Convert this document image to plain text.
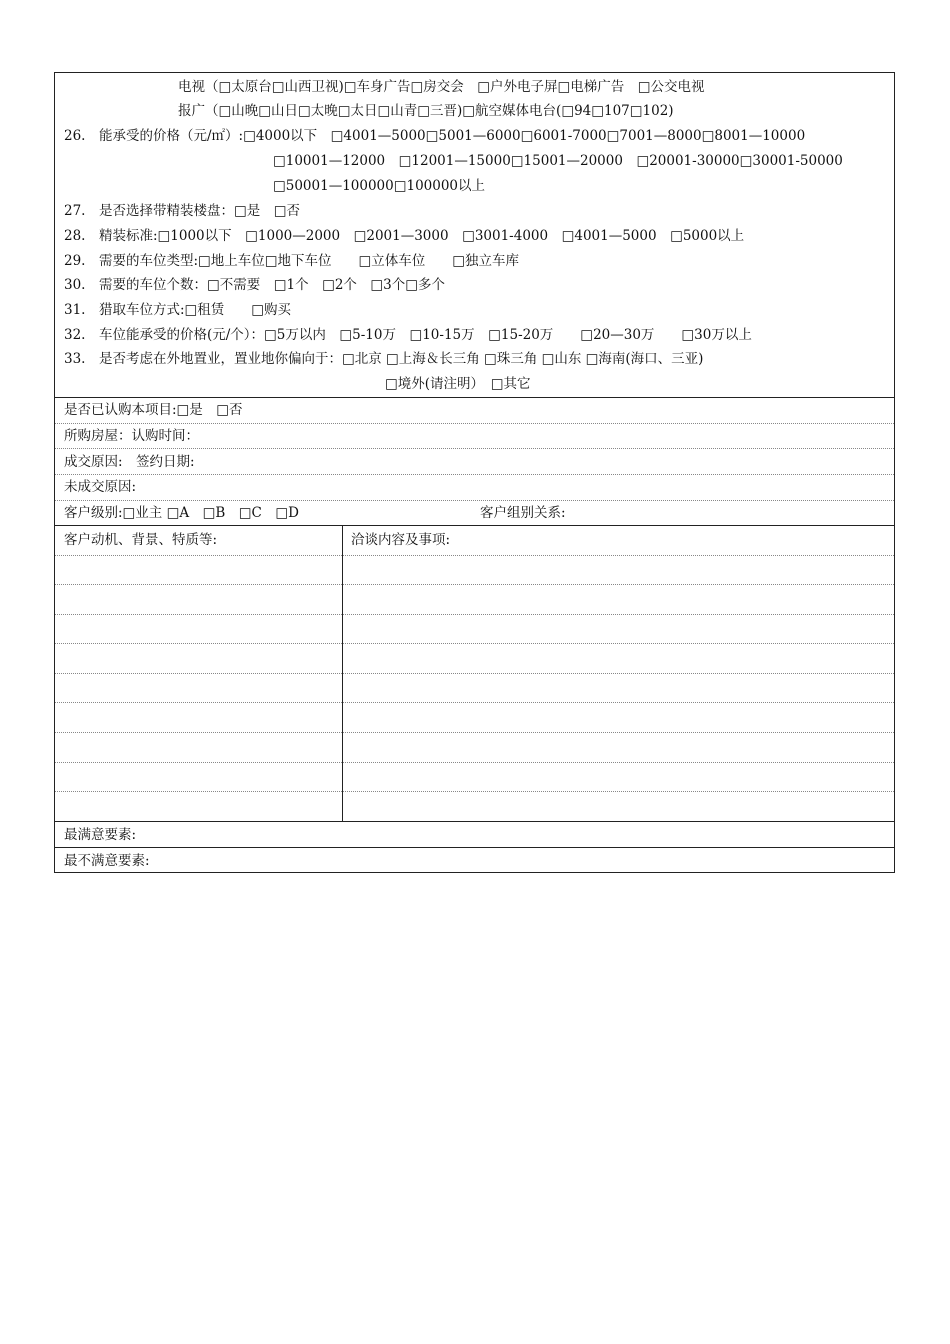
电视（□太原台□山西卫视)□车身广告□房交会　□户外电子屏□电梯广告　□公交电视
报广（□山晚□山日□太晚□太日□山青□三晋)□航空媒体电台(□94□107□102)
26.　能承受的价格（元/㎡）:□4000以下　□4001—5000□5001—6000□6001-7000□7001—8000□8001—10000
□10001—12000　□12001—15000□15001—20000　□20001-30000□30001-50000
□50001—100000□100000以上
27.　是否选择带精装楼盘：□是　□否
28.　精装标准:□1000以下　□1000—2000　□2001—3000　□3001-4000　□4001—5000　□5000以上
29.　需要的车位类型:□地上车位□地下车位　　□立体车位　　□独立车库
30.　需要的车位个数：□不需要　□1个　□2个　□3个□多个
31.　猎取车位方式:□租赁　　□购买
32.　车位能承受的价格(元/个）：□5万以内　□5-10万　□10-15万　□15-20万　　□20—30万　　□30万以上
33.　是否考虑在外地置业，置业地你偏向于：□北京 □上海＆长三角 □珠三角 □山东 □海南(海口、三亚)
□境外(请注明）　□其它
是否已认购本项目:□是　□否
所购房屋：认购时间：
成交原因:　签约日期:
未成交原因:
客户级别:□业主 □A　□B　□C　□D	客户组别关系:
客户动机、背景、特质等:	洽谈内容及事项:
最满意要素:
最不满意要素:
